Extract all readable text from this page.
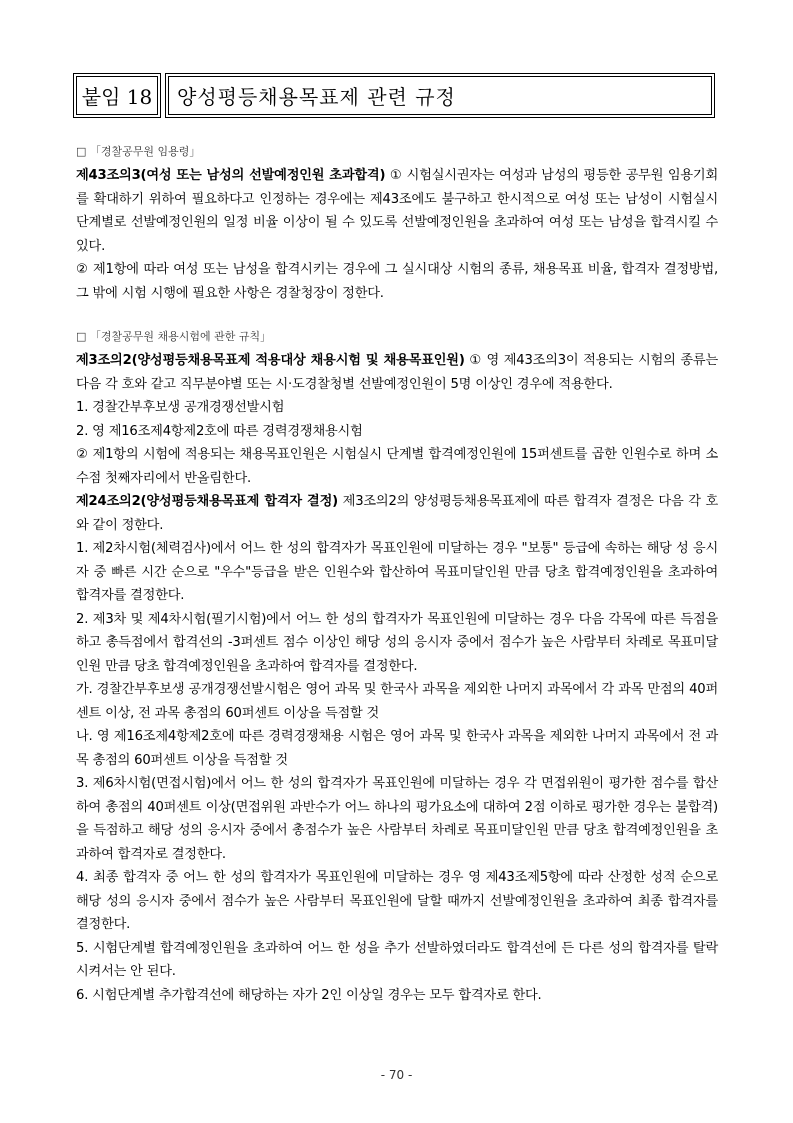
붙임 18	양성평등채용목표제 관련 규정
□ 「경찰공무원 임용령」

제43조의3(여성 또는 남성의 선발예정인원 초과합격) ① 시험실시권자는 여성과 남성의 평등한 공무원 임용기회를 확대하기 위하여 필요하다고 인정하는 경우에는 제43조에도 불구하고 한시적으로 여성 또는 남성이 시험실시 단계별로 선발예정인원의 일정 비율 이상이 될 수 있도록 선발예정인원을 초과하여 여성 또는 남성을 합격시킬 수 있다.

② 제1항에 따라 여성 또는 남성을 합격시키는 경우에 그 실시대상 시험의 종류, 채용목표 비율, 합격자 결정방법, 그 밖에 시험 시행에 필요한 사항은 경찰청장이 정한다.

□ 「경찰공무원 채용시험에 관한 규칙」

제3조의2(양성평등채용목표제 적용대상 채용시험 및 채용목표인원) ① 영 제43조의3이 적용되는 시험의 종류는 다음 각 호와 같고 직무분야별 또는 시·도경찰청별 선발예정인원이 5명 이상인 경우에 적용한다.

1. 경찰간부후보생 공개경쟁선발시험

2. 영 제16조제4항제2호에 따른 경력경쟁채용시험

② 제1항의 시험에 적용되는 채용목표인원은 시험실시 단계별 합격예정인원에 15퍼센트를 곱한 인원수로 하며 소수점 첫째자리에서 반올림한다.

제24조의2(양성평등채용목표제 합격자 결정) 제3조의2의 양성평등채용목표제에 따른 합격자 결정은 다음 각 호와 같이 정한다.

1. 제2차시험(체력검사)에서 어느 한 성의 합격자가 목표인원에 미달하는 경우 "보통" 등급에 속하는 해당 성 응시자 중 빠른 시간 순으로 "우수"등급을 받은 인원수와 합산하여 목표미달인원 만큼 당초 합격예정인원을 초과하여 합격자를 결정한다.

2. 제3차 및 제4차시험(필기시험)에서 어느 한 성의 합격자가 목표인원에 미달하는 경우 다음 각목에 따른 득점을 하고 총득점에서 합격선의 -3퍼센트 점수 이상인 해당 성의 응시자 중에서 점수가 높은 사람부터 차례로 목표미달인원 만큼 당초 합격예정인원을 초과하여 합격자를 결정한다.

가. 경찰간부후보생 공개경쟁선발시험은 영어 과목 및 한국사 과목을 제외한 나머지 과목에서 각 과목 만점의 40퍼센트 이상, 전 과목 총점의 60퍼센트 이상을 득점할 것

나. 영 제16조제4항제2호에 따른 경력경쟁채용 시험은 영어 과목 및 한국사 과목을 제외한 나머지 과목에서 전 과목 총점의 60퍼센트 이상을 득점할 것

3. 제6차시험(면접시험)에서 어느 한 성의 합격자가 목표인원에 미달하는 경우 각 면접위원이 평가한 점수를 합산하여 총점의 40퍼센트 이상(면접위원 과반수가 어느 하나의 평가요소에 대하여 2점 이하로 평가한 경우는 불합격)을 득점하고 해당 성의 응시자 중에서 총점수가 높은 사람부터 차례로 목표미달인원 만큼 당초 합격예정인원을 초과하여 합격자로 결정한다.

4. 최종 합격자 중 어느 한 성의 합격자가 목표인원에 미달하는 경우 영 제43조제5항에 따라 산정한 성적 순으로 해당 성의 응시자 중에서 점수가 높은 사람부터 목표인원에 달할 때까지 선발예정인원을 초과하여 최종 합격자를 결정한다.

5. 시험단계별 합격예정인원을 초과하여 어느 한 성을 추가 선발하였더라도 합격선에 든 다른 성의 합격자를 탈락시켜서는 안 된다.

6. 시험단계별 추가합격선에 해당하는 자가 2인 이상일 경우는 모두 합격자로 한다.

- 70 -
